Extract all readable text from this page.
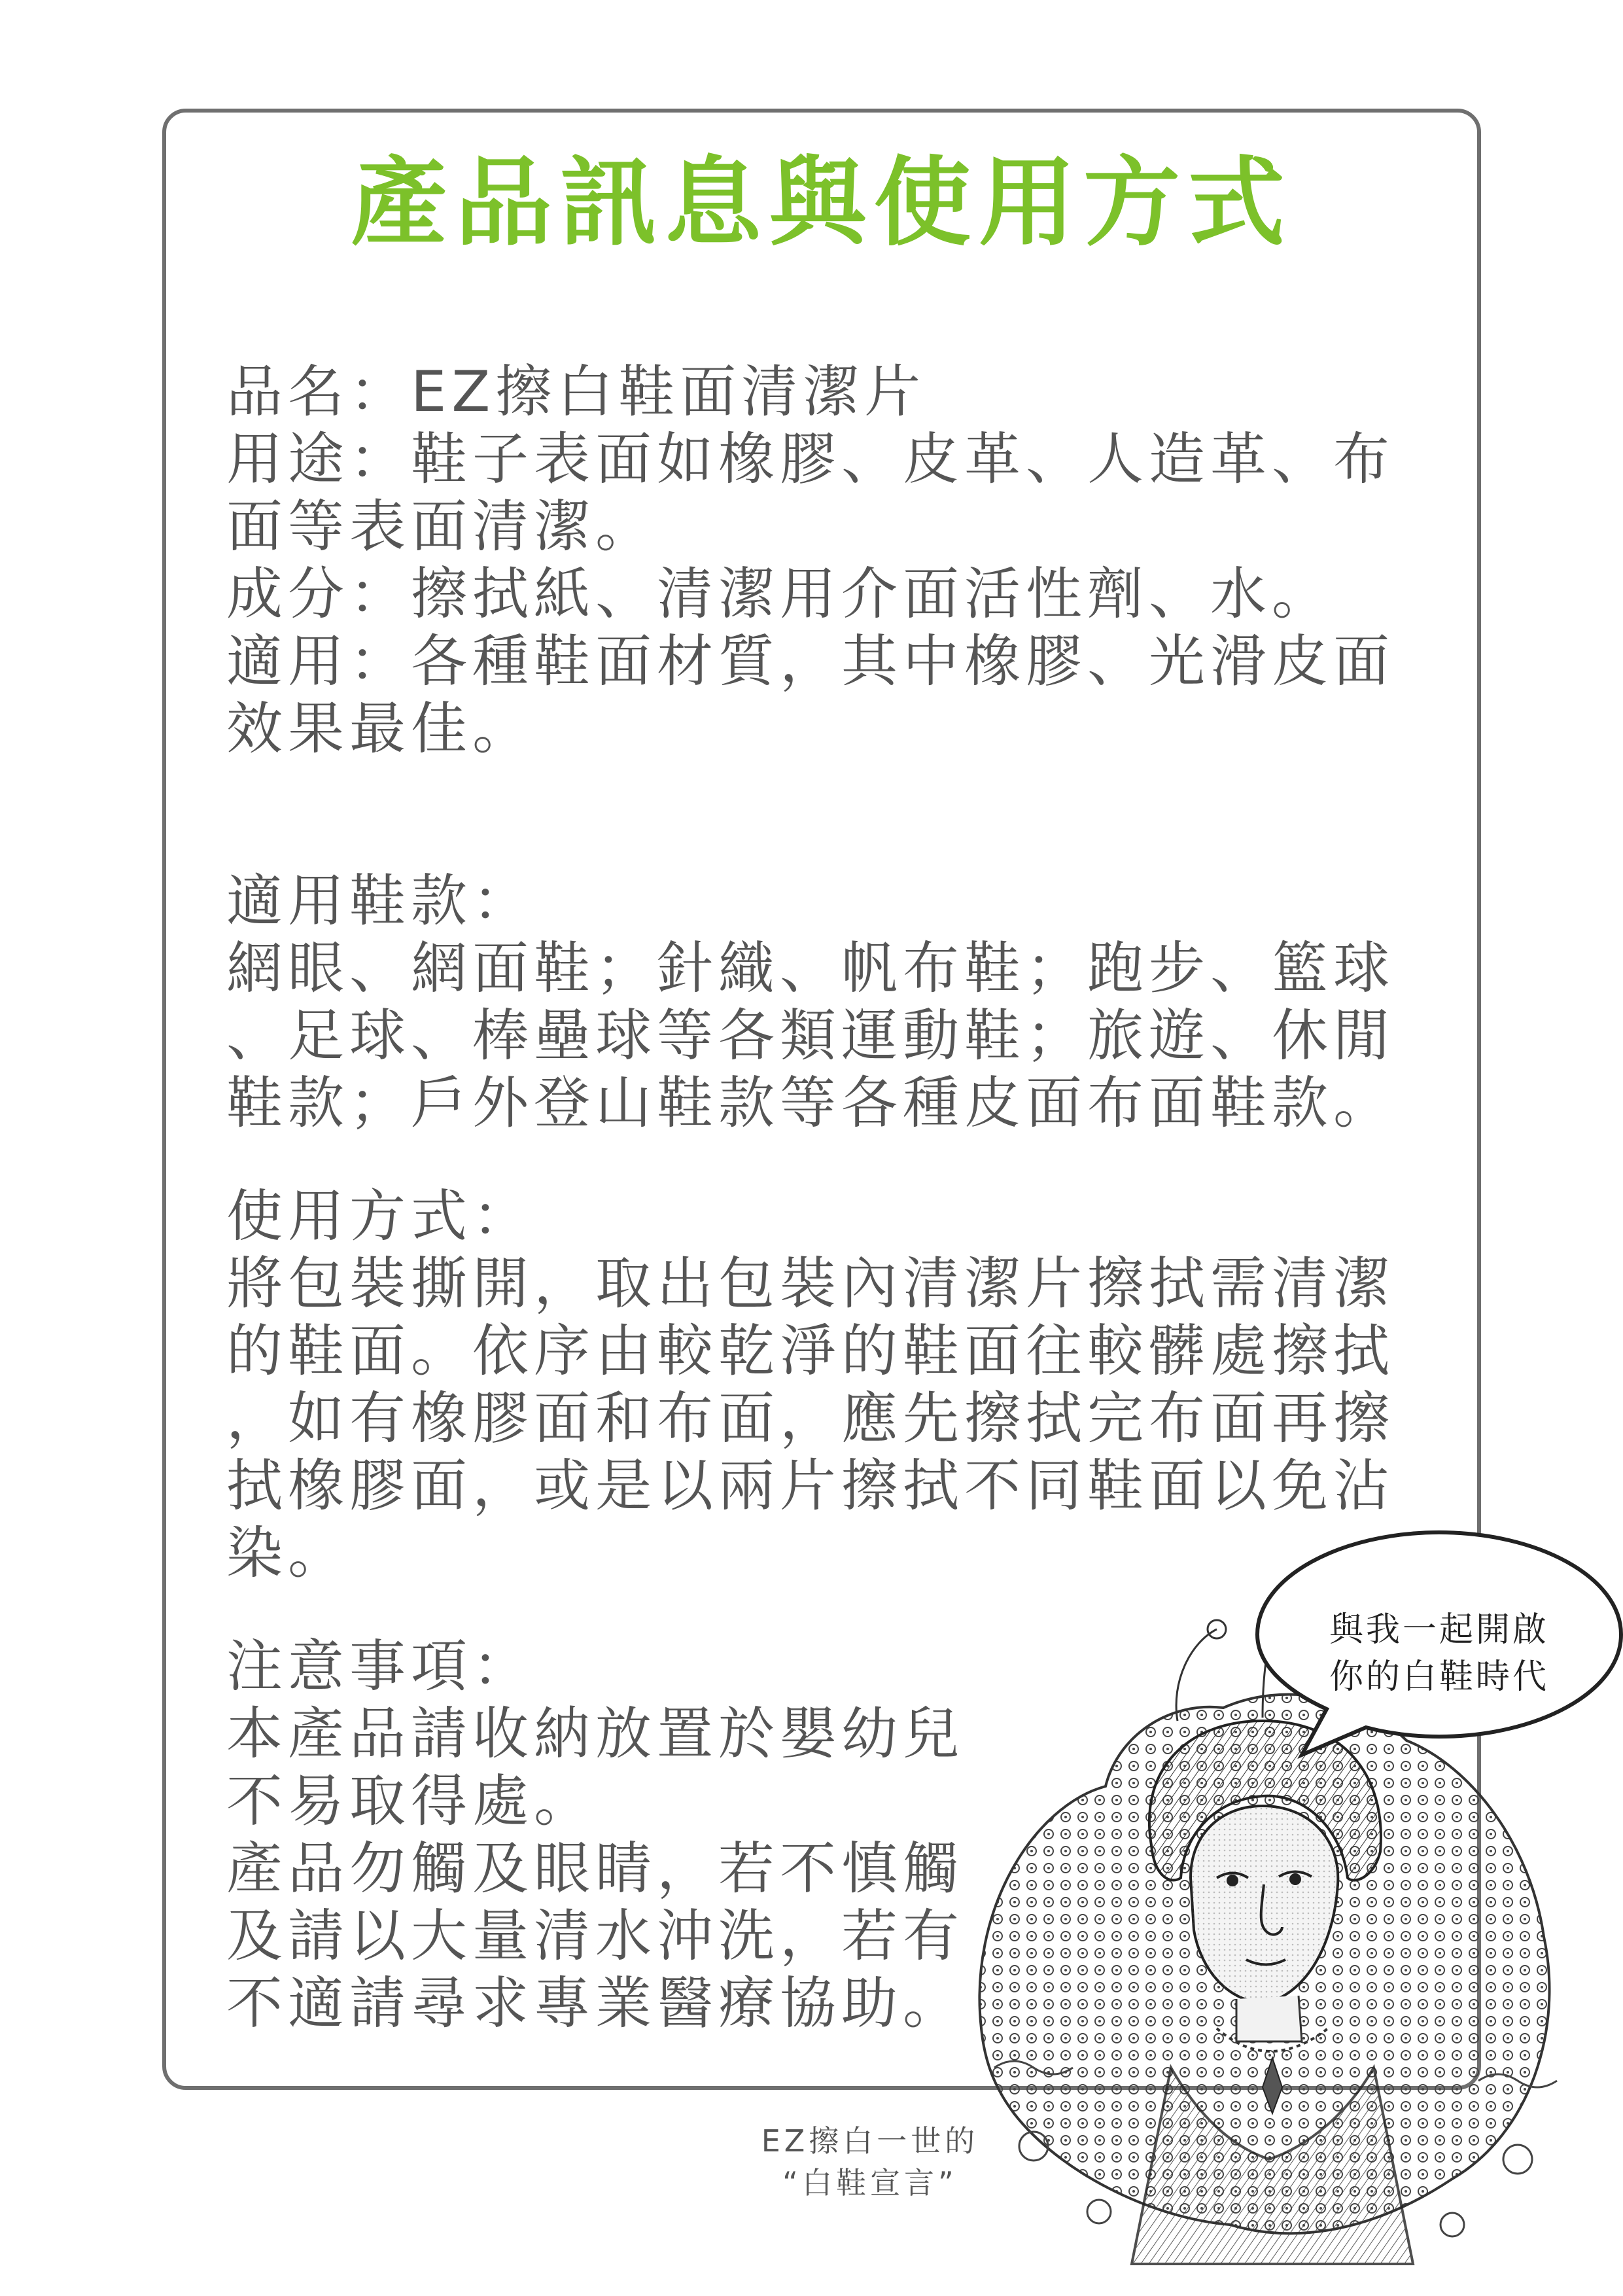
產品訊息與使用方式
品名：EZ擦白鞋面清潔片
用途：鞋子表面如橡膠、皮革、人造革、布
面等表面清潔。
成分：擦拭紙、清潔用介面活性劑、水。
適用：各種鞋面材質，其中橡膠、光滑皮面
效果最佳。
適用鞋款：
網眼、網面鞋；針織、帆布鞋；跑步、籃球
、足球、棒壘球等各類運動鞋；旅遊、休閒
鞋款；戶外登山鞋款等各種皮面布面鞋款。
使用方式：
將包裝撕開，取出包裝內清潔片擦拭需清潔
的鞋面。依序由較乾淨的鞋面往較髒處擦拭
，如有橡膠面和布面，應先擦拭完布面再擦
拭橡膠面，或是以兩片擦拭不同鞋面以免沾
染。
注意事項：
本產品請收納放置於嬰幼兒
不易取得處。
產品勿觸及眼睛，若不慎觸
及請以大量清水沖洗，若有
不適請尋求專業醫療協助。
與我一起開啟
你的白鞋時代
EZ擦白一世的
“白鞋宣言”
